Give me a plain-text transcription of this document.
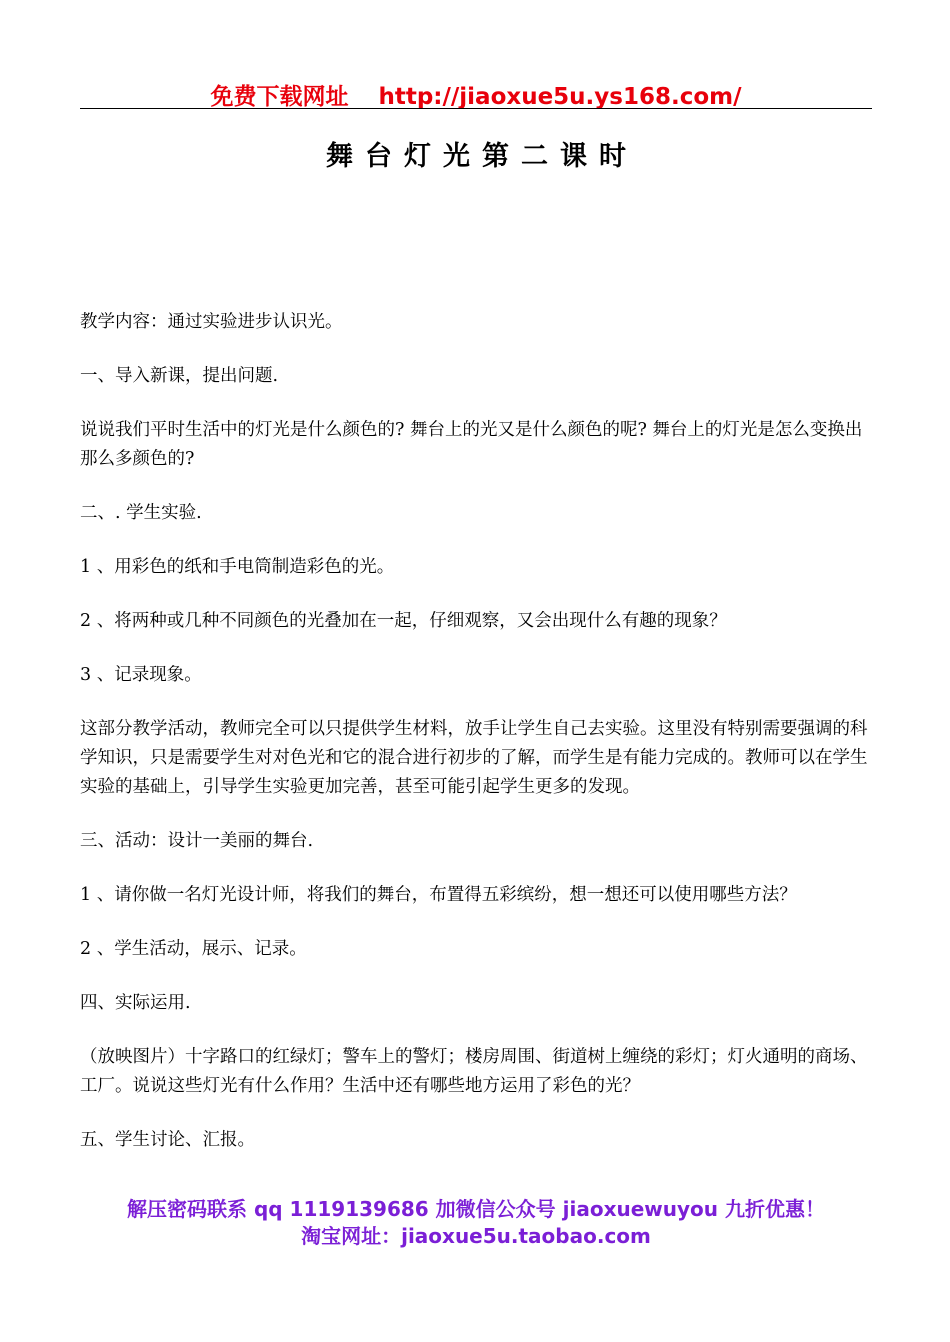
免费下载网址 http://jiaoxue5u.ys168.com/
舞台灯光第二课时

教学内容：通过实验进步认识光。

一、导入新课，提出问题.

说说我们平时生活中的灯光是什么颜色的? 舞台上的光又是什么颜色的呢? 舞台上的灯光是怎么变换出那么多颜色的?

二、. 学生实验.

1 、用彩色的纸和手电筒制造彩色的光。

2 、将两种或几种不同颜色的光叠加在一起，仔细观察，又会出现什么有趣的现象？

3 、记录现象。

这部分教学活动，教师完全可以只提供学生材料，放手让学生自己去实验。这里没有特别需要强调的科学知识，只是需要学生对对色光和它的混合进行初步的了解，而学生是有能力完成的。教师可以在学生实验的基础上，引导学生实验更加完善，甚至可能引起学生更多的发现。

三、活动：设计一美丽的舞台.

1 、请你做一名灯光设计师，将我们的舞台，布置得五彩缤纷，想一想还可以使用哪些方法？

2 、学生活动，展示、记录。

四、实际运用.

（放映图片）十字路口的红绿灯；警车上的警灯；楼房周围、街道树上缠绕的彩灯；灯火通明的商场、工厂。说说这些灯光有什么作用？生活中还有哪些地方运用了彩色的光？

五、学生讨论、汇报。

解压密码联系 qq 1119139686 加微信公众号 jiaoxuewuyou 九折优惠！
淘宝网址：jiaoxue5u.taobao.com
